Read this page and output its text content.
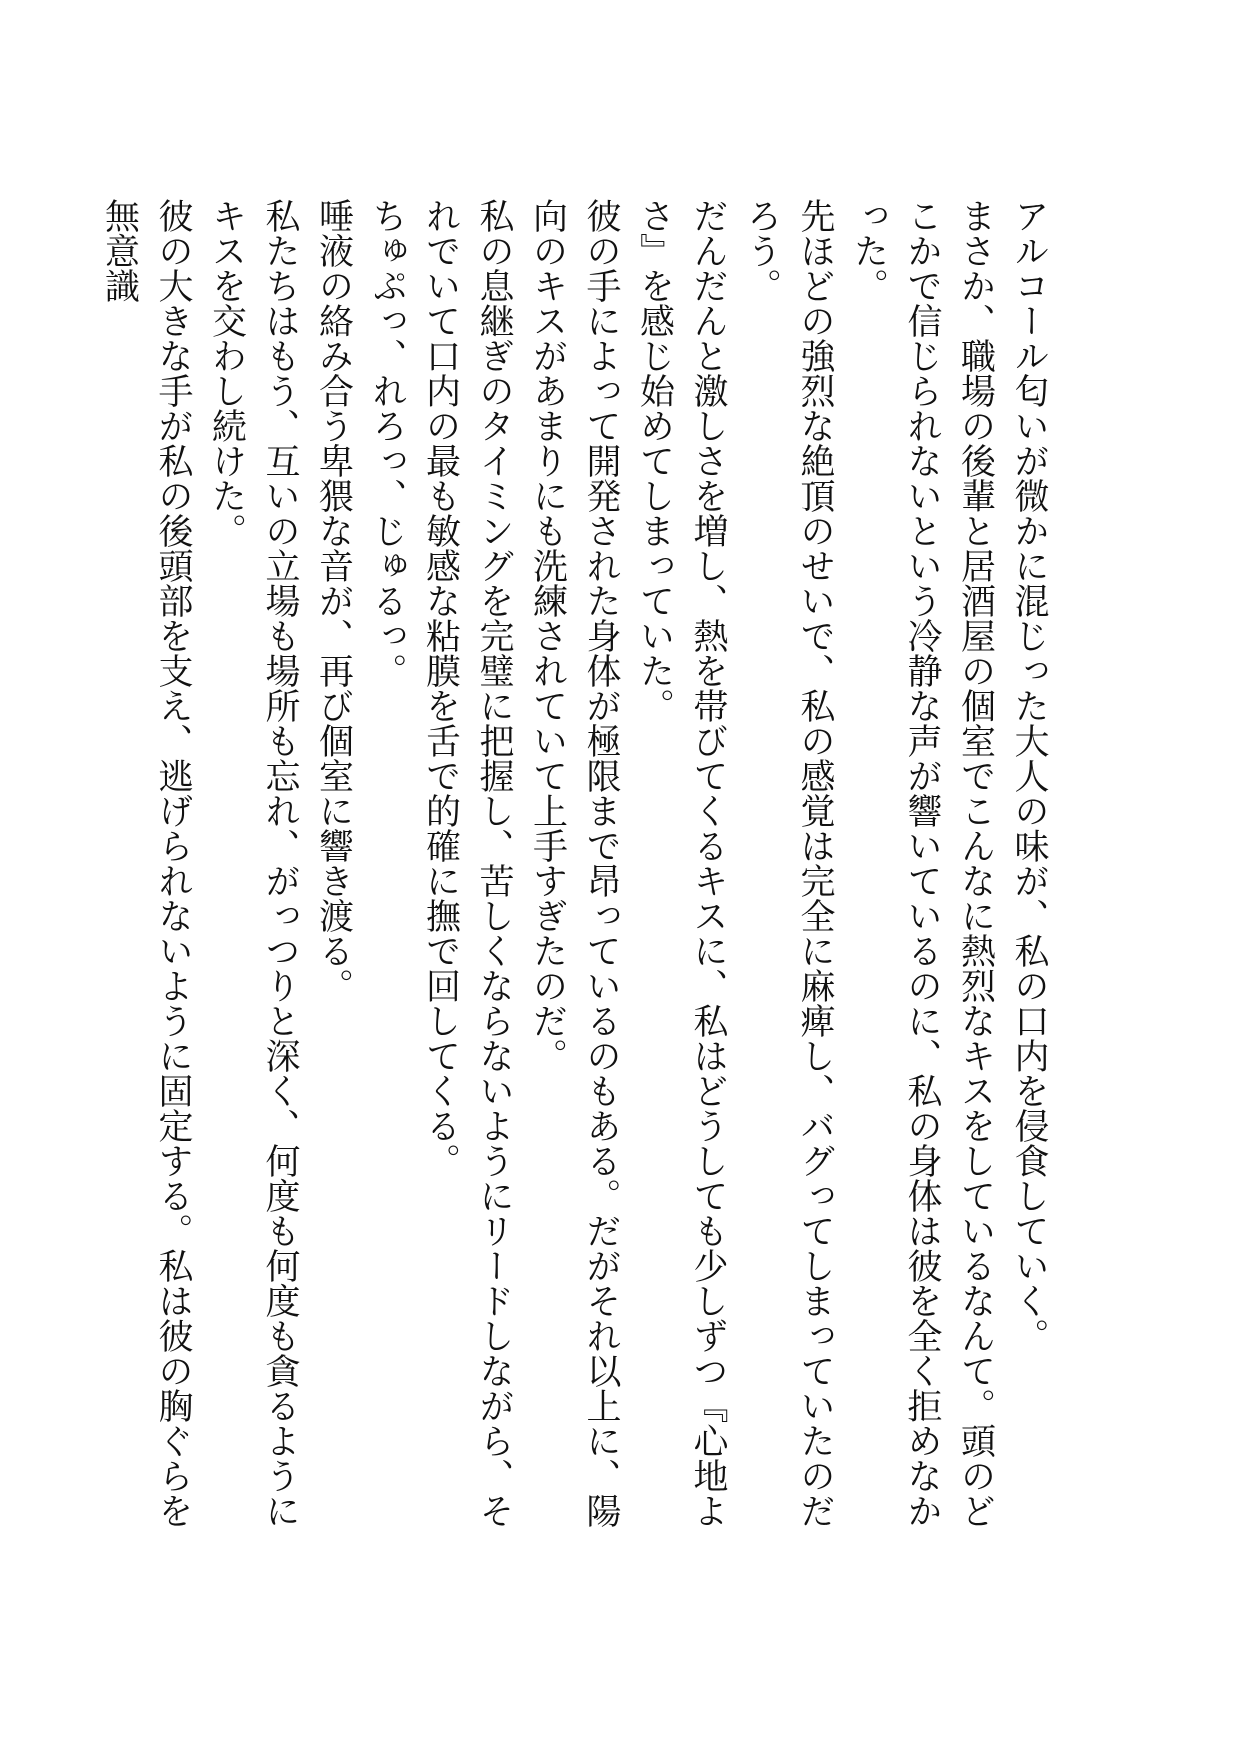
アルコール匂いが微かに混じった大人の味が、私の口内を侵食していく。

まさか、職場の後輩と居酒屋の個室でこんなに熱烈なキスをしているなんて。頭のどこかで信じられないという冷静な声が響いているのに、私の身体は彼を全く拒めなかった。

先ほどの強烈な絶頂のせいで、私の感覚は完全に麻痺し、バグってしまっていたのだろう。

だんだんと激しさを増し、熱を帯びてくるキスに、私はどうしても少しずつ『心地よさ』を感じ始めてしまっていた。

彼の手によって開発された身体が極限まで昂っているのもある。だがそれ以上に、陽向のキスがあまりにも洗練されていて上手すぎたのだ。

私の息継ぎのタイミングを完璧に把握し、苦しくならないようにリードしながら、それでいて口内の最も敏感な粘膜を舌で的確に撫で回してくる。

ちゅぷっ、れろっ、じゅるっ。

唾液の絡み合う卑猥な音が、再び個室に響き渡る。

私たちはもう、互いの立場も場所も忘れ、がっつりと深く、何度も何度も貪るようにキスを交わし続けた。

彼の大きな手が私の後頭部を支え、逃げられないように固定する。私は彼の胸ぐらを無意識
